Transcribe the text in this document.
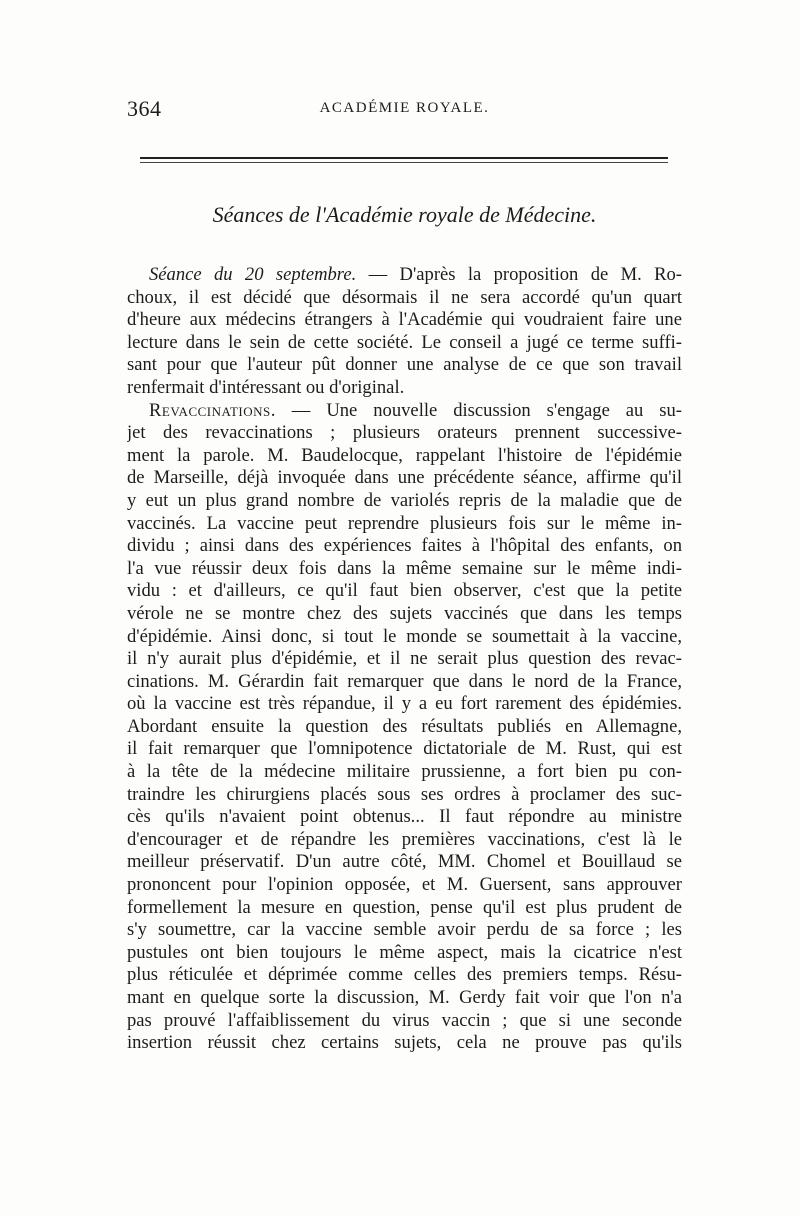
364	ACADÉMIE ROYALE.
Séances de l'Académie royale de Médecine.
Séance du 20 septembre. — D'après la proposition de M. Ro-
choux, il est décidé que désormais il ne sera accordé qu'un quart
d'heure aux médecins étrangers à l'Académie qui voudraient faire une
lecture dans le sein de cette société. Le conseil a jugé ce terme suffi-
sant pour que l'auteur pût donner une analyse de ce que son travail
renfermait d'intéressant ou d'original.
Revaccinations. — Une nouvelle discussion s'engage au su-
jet des revaccinations ; plusieurs orateurs prennent successive-
ment la parole. M. Baudelocque, rappelant l'histoire de l'épidémie
de Marseille, déjà invoquée dans une précédente séance, affirme qu'il
y eut un plus grand nombre de variolés repris de la maladie que de
vaccinés. La vaccine peut reprendre plusieurs fois sur le même in-
dividu ; ainsi dans des expériences faites à l'hôpital des enfants, on
l'a vue réussir deux fois dans la même semaine sur le même indi-
vidu : et d'ailleurs, ce qu'il faut bien observer, c'est que la petite
vérole ne se montre chez des sujets vaccinés que dans les temps
d'épidémie. Ainsi donc, si tout le monde se soumettait à la vaccine,
il n'y aurait plus d'épidémie, et il ne serait plus question des revac-
cinations. M. Gérardin fait remarquer que dans le nord de la France,
où la vaccine est très répandue, il y a eu fort rarement des épidémies.
Abordant ensuite la question des résultats publiés en Allemagne,
il fait remarquer que l'omnipotence dictatoriale de M. Rust, qui est
à la tête de la médecine militaire prussienne, a fort bien pu con-
traindre les chirurgiens placés sous ses ordres à proclamer des suc-
cès qu'ils n'avaient point obtenus... Il faut répondre au ministre
d'encourager et de répandre les premières vaccinations, c'est là le
meilleur préservatif. D'un autre côté, MM. Chomel et Bouillaud se
prononcent pour l'opinion opposée, et M. Guersent, sans approuver
formellement la mesure en question, pense qu'il est plus prudent de
s'y soumettre, car la vaccine semble avoir perdu de sa force ; les
pustules ont bien toujours le même aspect, mais la cicatrice n'est
plus réticulée et déprimée comme celles des premiers temps. Résu-
mant en quelque sorte la discussion, M. Gerdy fait voir que l'on n'a
pas prouvé l'affaiblissement du virus vaccin ; que si une seconde
insertion réussit chez certains sujets, cela ne prouve pas qu'ils
